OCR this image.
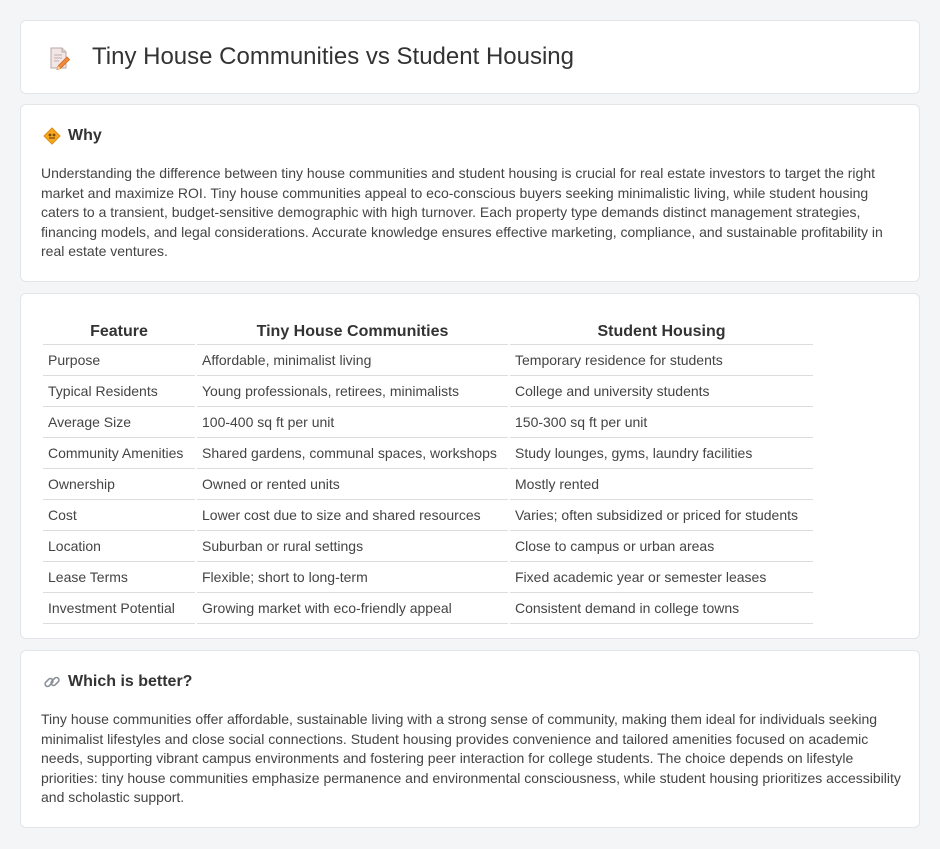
Tiny House Communities vs Student Housing
Why

Understanding the difference between tiny house communities and student housing is crucial for real estate investors to target the right market and maximize ROI. Tiny house communities appeal to eco-conscious buyers seeking minimalistic living, while student housing caters to a transient, budget-sensitive demographic with high turnover. Each property type demands distinct management strategies, financing models, and legal considerations. Accurate knowledge ensures effective marketing, compliance, and sustainable profitability in real estate ventures.

Feature	Tiny House Communities	Student Housing
Purpose	Affordable, minimalist living	Temporary residence for students
Typical Residents	Young professionals, retirees, minimalists	College and university students
Average Size	100-400 sq ft per unit	150-300 sq ft per unit
Community Amenities	Shared gardens, communal spaces, workshops	Study lounges, gyms, laundry facilities
Ownership	Owned or rented units	Mostly rented
Cost	Lower cost due to size and shared resources	Varies; often subsidized or priced for students
Location	Suburban or rural settings	Close to campus or urban areas
Lease Terms	Flexible; short to long-term	Fixed academic year or semester leases
Investment Potential	Growing market with eco-friendly appeal	Consistent demand in college towns
Which is better?

Tiny house communities offer affordable, sustainable living with a strong sense of community, making them ideal for individuals seeking minimalist lifestyles and close social connections. Student housing provides convenience and tailored amenities focused on academic needs, supporting vibrant campus environments and fostering peer interaction for college students. The choice depends on lifestyle priorities: tiny house communities emphasize permanence and environmental consciousness, while student housing prioritizes accessibility and scholastic support.
